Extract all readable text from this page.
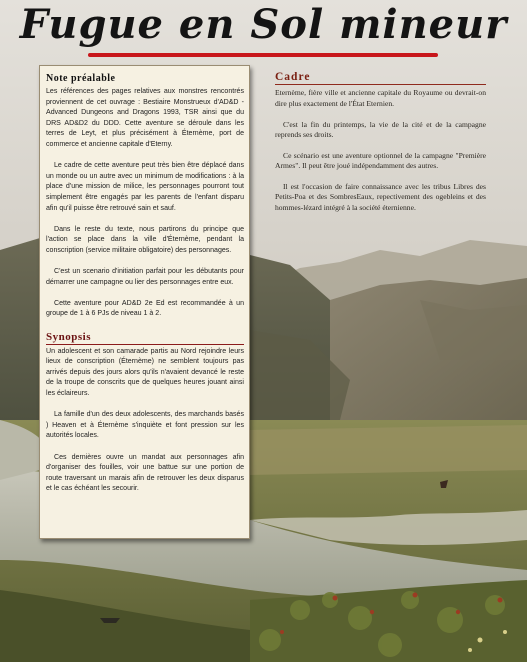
Fugue en Sol mineur
Note préalable

Les références des pages relatives aux monstres rencontrés proviennent de cet ouvrage : Bestiaire Monstrueux d'AD&D - Advanced Dungeons and Dragons 1993, TSR ainsi que du DRS AD&D2 du DDD. Cette aventure se déroule dans les terres de Leyt, et plus précisément à Éternème, port de commerce et ancienne capitale d'Eterny.

Le cadre de cette aventure peut très bien être déplacé dans un monde ou un autre avec un minimum de modifications : à la place d'une mission de milice, les personnages pourront tout simplement être engagés par les parents de l'enfant disparu afin qu'il puisse être retrouvé sain et sauf.

Dans le reste du texte, nous partirons du principe que l'action se place dans la ville d'Éternème, pendant la conscription (service militaire obligatoire) des personnages.

C'est un scenario d'initiation parfait pour les débutants pour démarrer une campagne ou lier des personnages entre eux.

Cette aventure pour AD&D 2e Ed est recommandée à un groupe de 1 à 6 PJs de niveau 1 à 2.

Synopsis

Un adolescent et son camarade partis au Nord rejoindre leurs lieux de conscription (Éternème) ne semblent toujours pas arrivés depuis des jours alors qu'ils n'avaient devancé le reste de la troupe de conscrits que de quelques heures jouant ainsi les éclaireurs.

La famille d'un des deux adolescents, des marchands basés ) Heaven et à Éternème s'inquiète et font pression sur les autorités locales.

Ces dernières ouvre un mandat aux personnages afin d'organiser des fouilles, voir une battue sur une portion de route traversant un marais afin de retrouver les deux disparus et le cas échéant les secourir.

Cadre

Eternème, fière ville et ancienne capitale du Royaume ou devrait-on dire plus exactement de l'État Eternien.

C'est la fin du printemps, la vie de la cité et de la campagne reprends ses droits.

Ce scénario est une aventure optionnel de la campagne "Première Armes". Il peut être joué indépendamment des autres.

Il est l'occasion de faire connaissance avec les tribus Libres des Petits-Poa et des SombresEaux, repectivement des ogebleins et des hommes-lézard intégré à la société éternienne.
